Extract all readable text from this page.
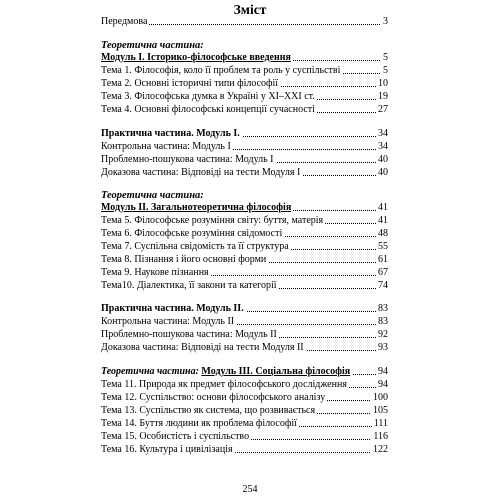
Зміст
Передмова	3
Теоретична частина:
Модуль І. Історико-філософське введення	5
Тема 1. Філософія, коло її проблем та роль у суспільстві	5
Тема 2. Основні історичні типи філософії	10
Тема 3. Філософська думка в Україні у ХІ–ХХІ ст.	19
Тема 4. Основні філософські концепції сучасності	27
Практична частина. Модуль І.	34
Контрольна частина: Модуль І	34
Проблемно-пошукова частина: Модуль І	40
Доказова частина: Відповіді на тести Модуля І	40
Теоретична частина:
Модуль ІІ. Загальнотеоретична філософія	41
Тема 5. Філософське розуміння світу: буття, матерія	41
Тема 6. Філософське розуміння свідомості	48
Тема 7. Суспільна свідомість та її структура	55
Тема 8. Пізнання і його основні форми	61
Тема 9. Наукове пізнання	67
Тема10. Діалектика, її закони та категорії	74
Практична частина. Модуль ІІ.	83
Контрольна частина: Модуль ІІ	83
Проблемно-пошукова частина: Модуль ІІ	92
Доказова частина: Відповіді на тести Модуля ІІ	93
Теоретична частина: Модуль ІІІ. Соціальна філософія	94
Тема 11. Природа як предмет філософського дослідження	94
Тема 12. Суспільство: основи філософського аналізу	100
Тема 13. Суспільство як система, що розвивається	105
Тема 14. Буття людини як проблема філософії	111
Тема 15. Особистість і суспільство	116
Тема 16. Культура і цивілізація	122
254
